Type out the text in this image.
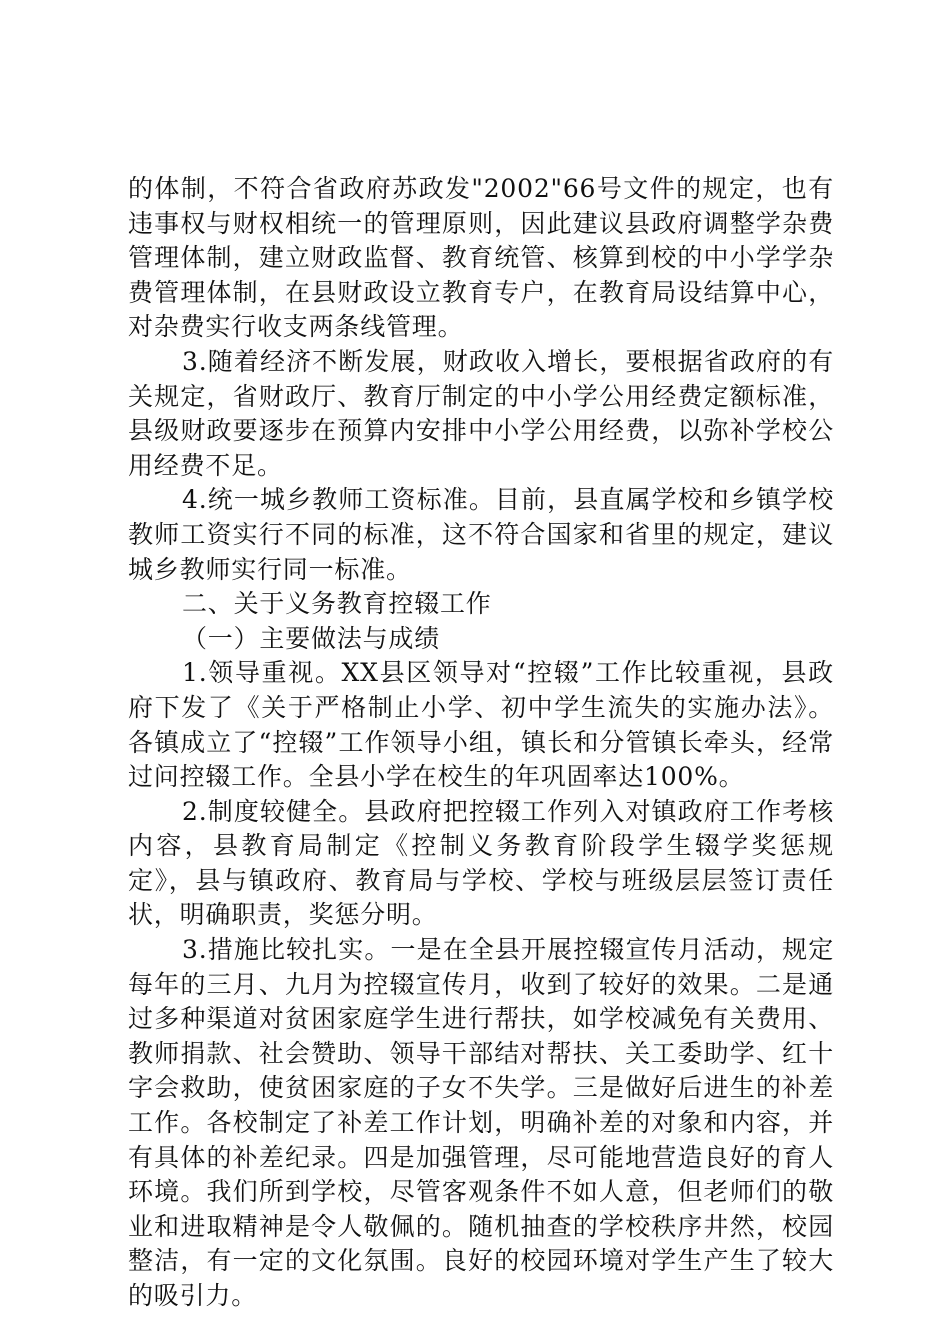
的体制，不符合省政府苏政发"2002"66号文件的规定，也有违事权与财权相统一的管理原则，因此建议县政府调整学杂费管理体制，建立财政监督、教育统管、核算到校的中小学学杂费管理体制，在县财政设立教育专户，在教育局设结算中心，对杂费实行收支两条线管理。

3.随着经济不断发展，财政收入增长，要根据省政府的有关规定，省财政厅、教育厅制定的中小学公用经费定额标准，县级财政要逐步在预算内安排中小学公用经费，以弥补学校公用经费不足。

4.统一城乡教师工资标准。目前，县直属学校和乡镇学校教师工资实行不同的标准，这不符合国家和省里的规定，建议城乡教师实行同一标准。

二、关于义务教育控辍工作

（一）主要做法与成绩

1.领导重视。XX县区领导对“控辍”工作比较重视，县政府下发了《关于严格制止小学、初中学生流失的实施办法》。各镇成立了“控辍”工作领导小组，镇长和分管镇长牵头，经常过问控辍工作。全县小学在校生的年巩固率达100%。

2.制度较健全。县政府把控辍工作列入对镇政府工作考核内容，县教育局制定《控制义务教育阶段学生辍学奖惩规定》，县与镇政府、教育局与学校、学校与班级层层签订责任状，明确职责，奖惩分明。

3.措施比较扎实。一是在全县开展控辍宣传月活动，规定每年的三月、九月为控辍宣传月，收到了较好的效果。二是通过多种渠道对贫困家庭学生进行帮扶，如学校减免有关费用、教师捐款、社会赞助、领导干部结对帮扶、关工委助学、红十字会救助，使贫困家庭的子女不失学。三是做好后进生的补差工作。各校制定了补差工作计划，明确补差的对象和内容，并有具体的补差纪录。四是加强管理，尽可能地营造良好的育人环境。我们所到学校，尽管客观条件不如人意，但老师们的敬业和进取精神是令人敬佩的。随机抽查的学校秩序井然，校园整洁，有一定的文化氛围。良好的校园环境对学生产生了较大的吸引力。
